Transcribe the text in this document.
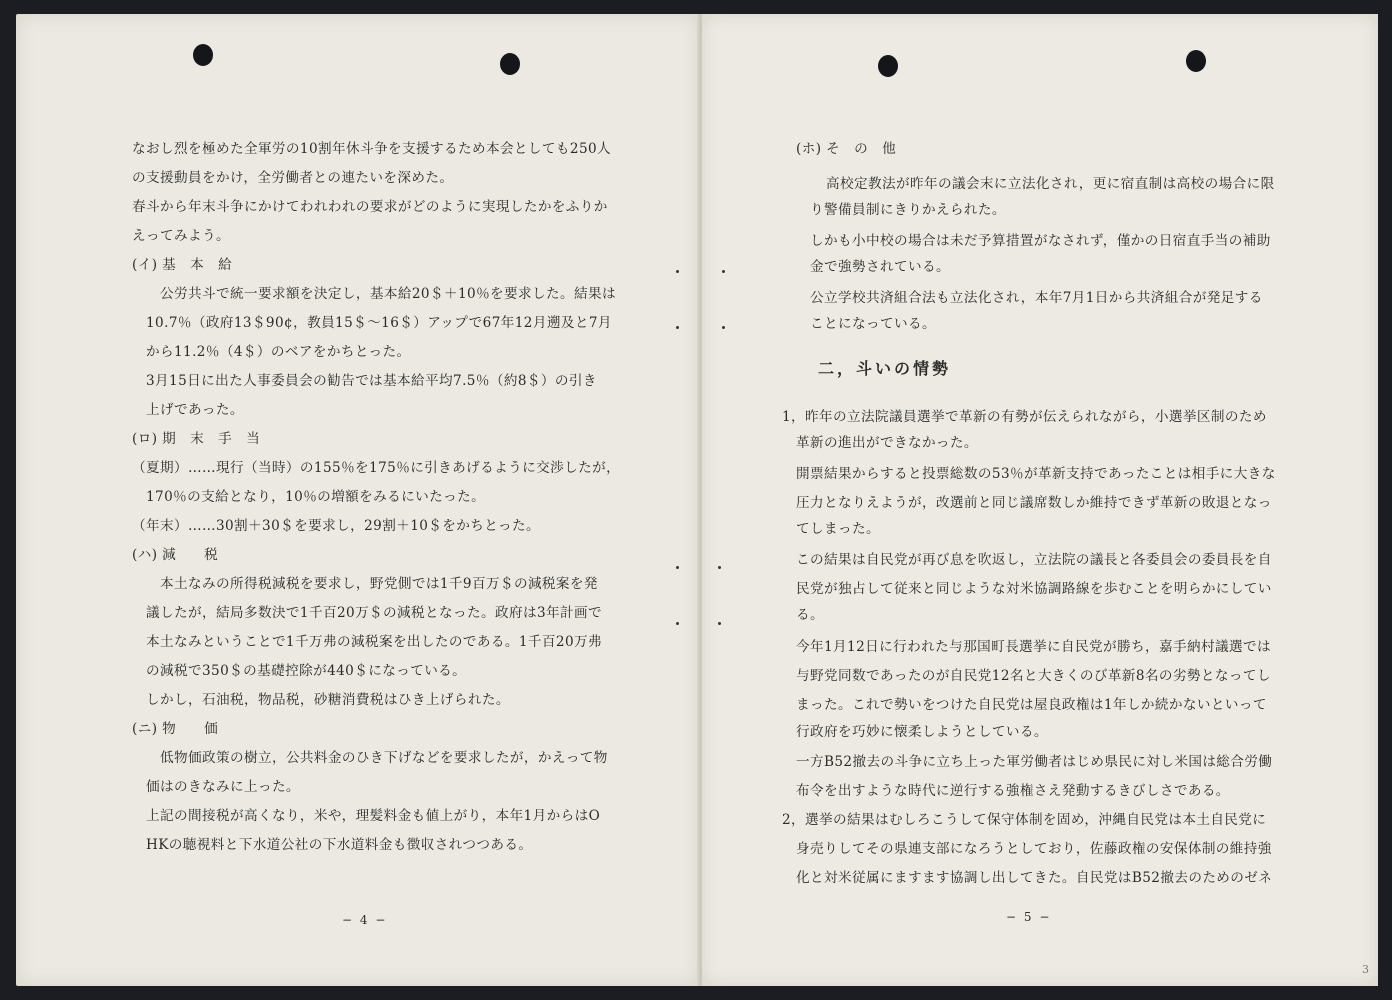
なおし烈を極めた全軍労の10割年休斗争を支援するため本会としても250人
の支援動員をかけ，全労働者との連たいを深めた。
春斗から年末斗争にかけてわれわれの要求がどのように実現したかをふりか
えってみよう。
(イ) 基　本　給
公労共斗で統一要求額を決定し，基本給20＄＋10％を要求した。結果は
10.7％（政府13＄90¢，教員15＄〜16＄）アップで67年12月遡及と7月
から11.2％（4＄）のベアをかちとった。
3月15日に出た人事委員会の勧告では基本給平均7.5％（約8＄）の引き
上げであった。
(ロ) 期　末　手　当
（夏期）……現行（当時）の155％を175％に引きあげるように交渉したが，
170％の支給となり，10％の増額をみるにいたった。
（年末）……30割＋30＄を要求し，29割＋10＄をかちとった。
(ハ) 減　　税
本土なみの所得税減税を要求し，野党側では1千9百万＄の減税案を発
議したが，結局多数決で1千百20万＄の減税となった。政府は3年計画で
本土なみということで1千万弗の減税案を出したのである。1千百20万弗
の減税で350＄の基礎控除が440＄になっている。
しかし，石油税，物品税，砂糖消費税はひき上げられた。
(ニ) 物　　価
低物価政策の樹立，公共料金のひき下げなどを要求したが，かえって物
価はのきなみに上った。
上記の間接税が高くなり，米や，理髪料金も値上がり，本年1月からはO
HKの聴視料と下水道公社の下水道料金も徴収されつつある。
− 4 −
(ホ) そ　の　他
高校定教法が昨年の議会末に立法化され，更に宿直制は高校の場合に限
り警備員制にきりかえられた。
しかも小中校の場合は未だ予算措置がなされず，僅かの日宿直手当の補助
金で強勢されている。
公立学校共済組合法も立法化され，本年7月1日から共済組合が発足する
ことになっている。
二，斗いの情勢
1，昨年の立法院議員選挙で革新の有勢が伝えられながら，小選挙区制のため
革新の進出ができなかった。
開票結果からすると投票総数の53％が革新支持であったことは相手に大きな
圧力となりえようが，改選前と同じ議席数しか維持できず革新の敗退となっ
てしまった。
この結果は自民党が再び息を吹返し，立法院の議長と各委員会の委員長を自
民党が独占して従来と同じような対米協調路線を歩むことを明らかにしてい
る。
今年1月12日に行われた与那国町長選挙に自民党が勝ち，嘉手納村議選では
与野党同数であったのが自民党12名と大きくのび革新8名の劣勢となってし
まった。これで勢いをつけた自民党は屋良政権は1年しか続かないといって
行政府を巧妙に懐柔しようとしている。
一方B52撤去の斗争に立ち上った軍労働者はじめ県民に対し米国は総合労働
布令を出すような時代に逆行する強権さえ発動するきびしさである。
2，選挙の結果はむしろこうして保守体制を固め，沖縄自民党は本土自民党に
身売りしてその県連支部になろうとしており，佐藤政権の安保体制の維持強
化と対米従属にますます協調し出してきた。自民党はB52撤去のためのゼネ
− 5 −
3
